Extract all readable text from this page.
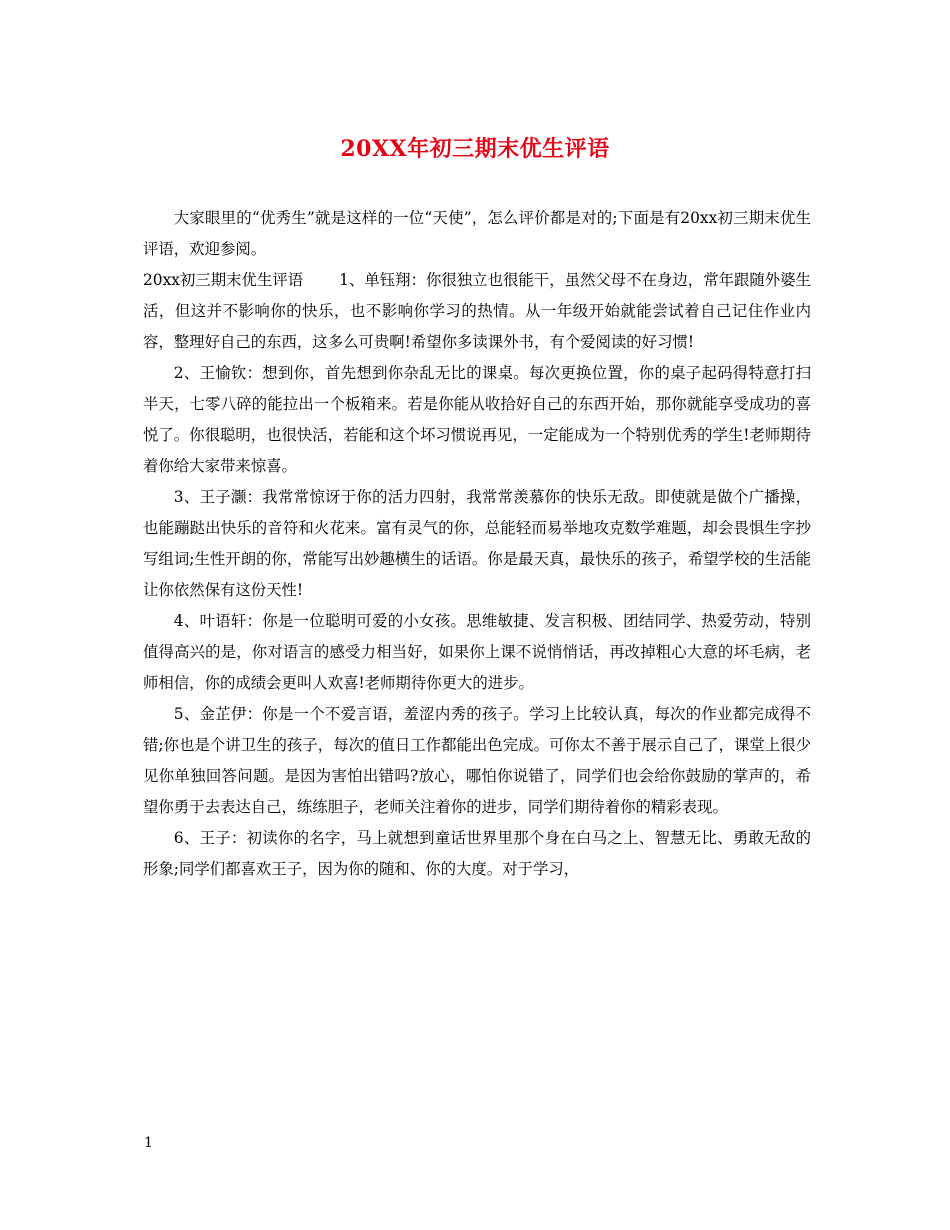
20XX年初三期末优生评语

大家眼里的“优秀生”就是这样的一位“天使”，怎么评价都是对的;下面是有20xx初三期末优生评语，欢迎参阅。

20xx初三期末优生评语 1、单钰翔：你很独立也很能干，虽然父母不在身边，常年跟随外婆生活，但这并不影响你的快乐，也不影响你学习的热情。从一年级开始就能尝试着自己记住作业内容，整理好自己的东西，这多么可贵啊!希望你多读课外书，有个爱阅读的好习惯!

2、王愉钦：想到你，首先想到你杂乱无比的课桌。每次更换位置，你的桌子起码得特意打扫半天，七零八碎的能拉出一个板箱来。若是你能从收拾好自己的东西开始，那你就能享受成功的喜悦了。你很聪明，也很快活，若能和这个坏习惯说再见，一定能成为一个特别优秀的学生!老师期待着你给大家带来惊喜。

3、王子灏：我常常惊讶于你的活力四射，我常常羡慕你的快乐无敌。即使就是做个广播操，也能蹦跶出快乐的音符和火花来。富有灵气的你，总能轻而易举地攻克数学难题，却会畏惧生字抄写组词;生性开朗的你，常能写出妙趣横生的话语。你是最天真，最快乐的孩子，希望学校的生活能让你依然保有这份天性!

4、叶语轩：你是一位聪明可爱的小女孩。思维敏捷、发言积极、团结同学、热爱劳动，特别值得高兴的是，你对语言的感受力相当好，如果你上课不说悄悄话，再改掉粗心大意的坏毛病，老师相信，你的成绩会更叫人欢喜!老师期待你更大的进步。

5、金芷伊：你是一个不爱言语，羞涩内秀的孩子。学习上比较认真，每次的作业都完成得不错;你也是个讲卫生的孩子，每次的值日工作都能出色完成。可你太不善于展示自己了，课堂上很少见你单独回答问题。是因为害怕出错吗?放心，哪怕你说错了，同学们也会给你鼓励的掌声的，希望你勇于去表达自己，练练胆子，老师关注着你的进步，同学们期待着你的精彩表现。

6、王子：初读你的名字，马上就想到童话世界里那个身在白马之上、智慧无比、勇敢无敌的形象;同学们都喜欢王子，因为你的随和、你的大度。对于学习，

1
